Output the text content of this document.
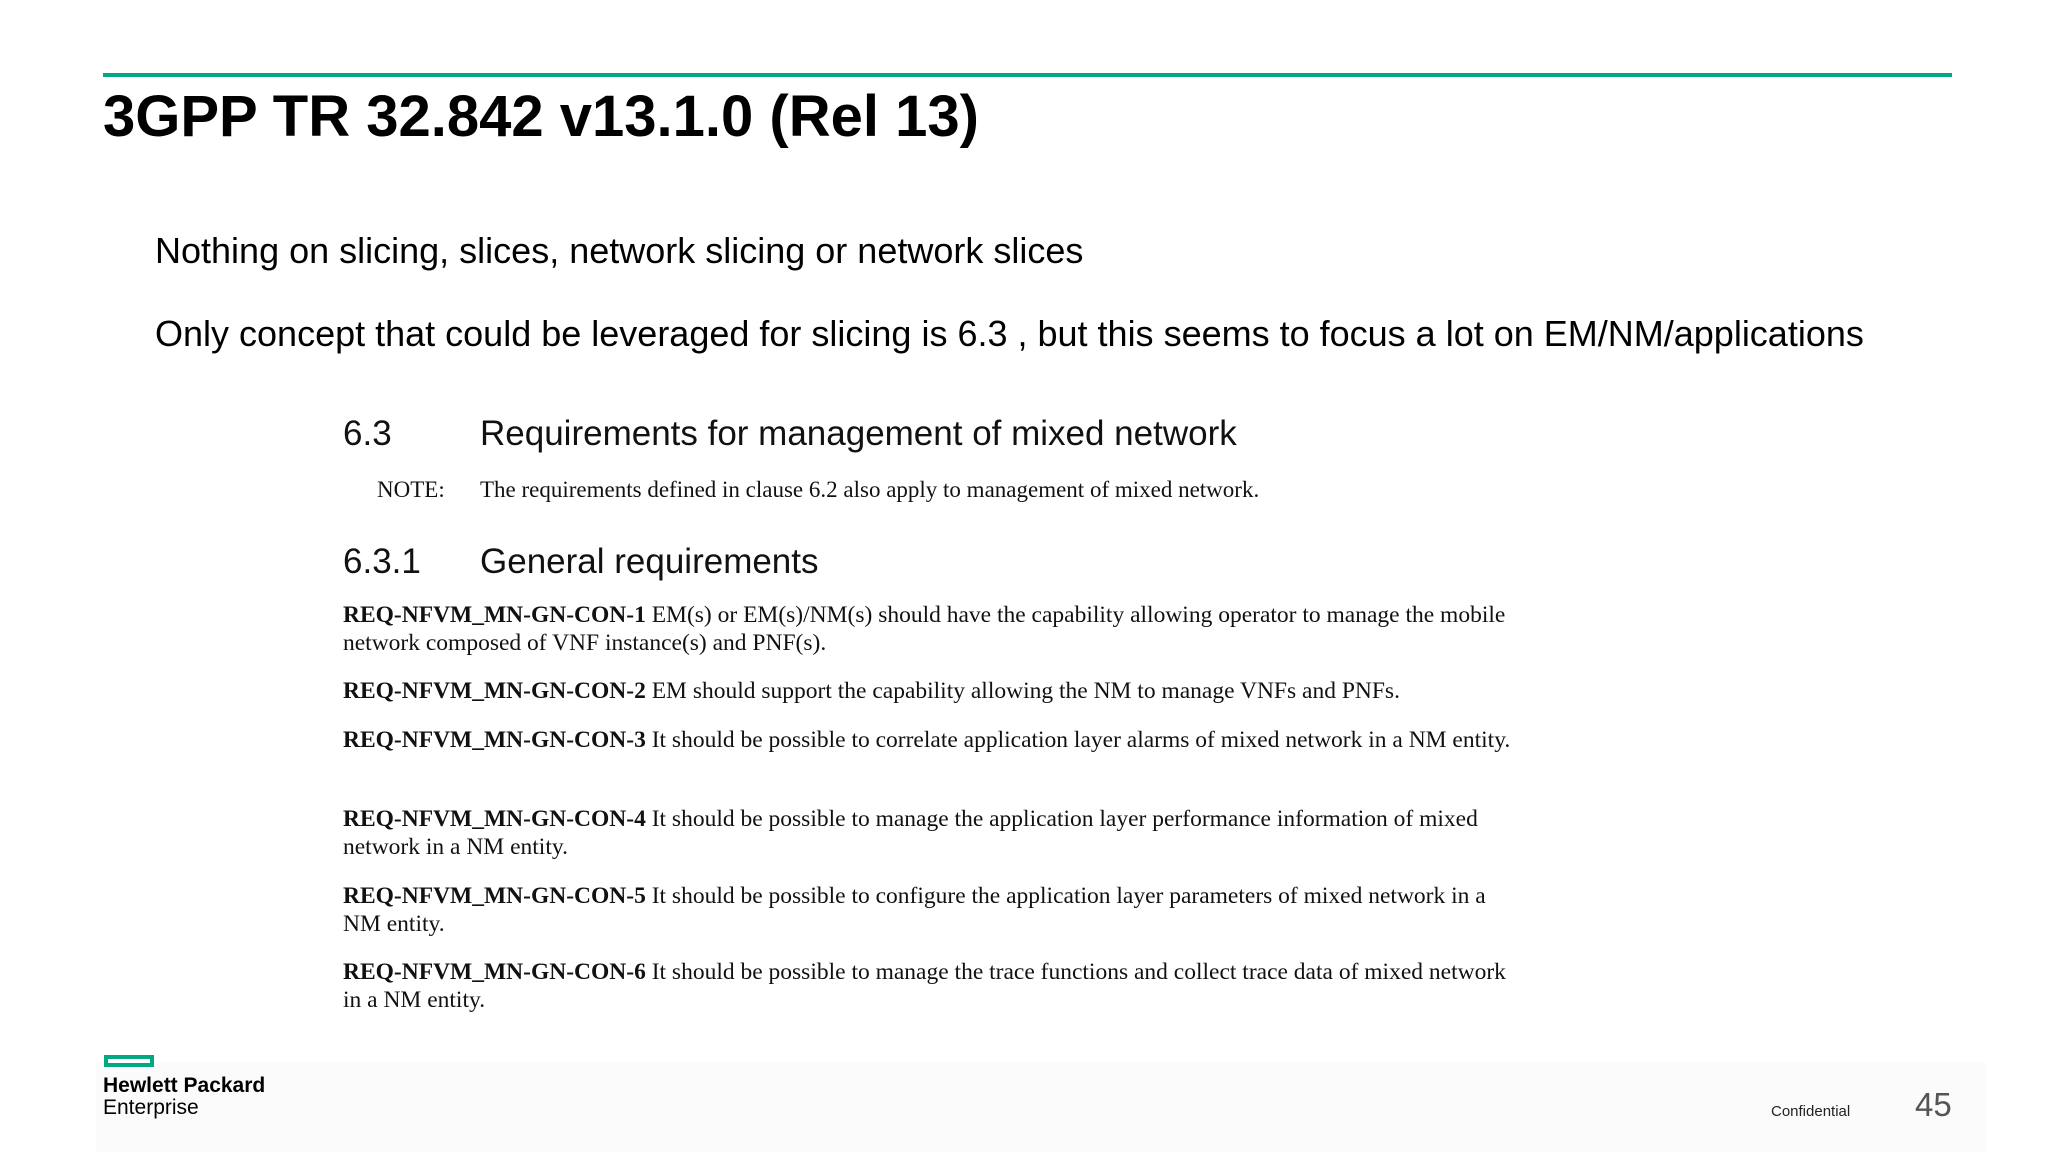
3GPP TR 32.842 v13.1.0 (Rel 13)
Nothing on slicing, slices, network slicing or network slices
Only concept that could be leveraged for slicing is 6.3 , but this seems to focus a lot on EM/NM/applications
6.3	Requirements for management of mixed network
NOTE: The requirements defined in clause 6.2 also apply to management of mixed network.
6.3.1 General requirements
REQ-NFVM_MN-GN-CON-1 EM(s) or EM(s)/NM(s) should have the capability allowing operator to manage the mobile network composed of VNF instance(s) and PNF(s).
REQ-NFVM_MN-GN-CON-2 EM should support the capability allowing the NM to manage VNFs and PNFs.
REQ-NFVM_MN-GN-CON-3 It should be possible to correlate application layer alarms of mixed network in a NM entity.
REQ-NFVM_MN-GN-CON-4 It should be possible to manage the application layer performance information of mixed network in a NM entity.
REQ-NFVM_MN-GN-CON-5 It should be possible to configure the application layer parameters of mixed network in a NM entity.
REQ-NFVM_MN-GN-CON-6 It should be possible to manage the trace functions and collect trace data of mixed network in a NM entity.
Hewlett Packard
Enterprise	Confidential 45
